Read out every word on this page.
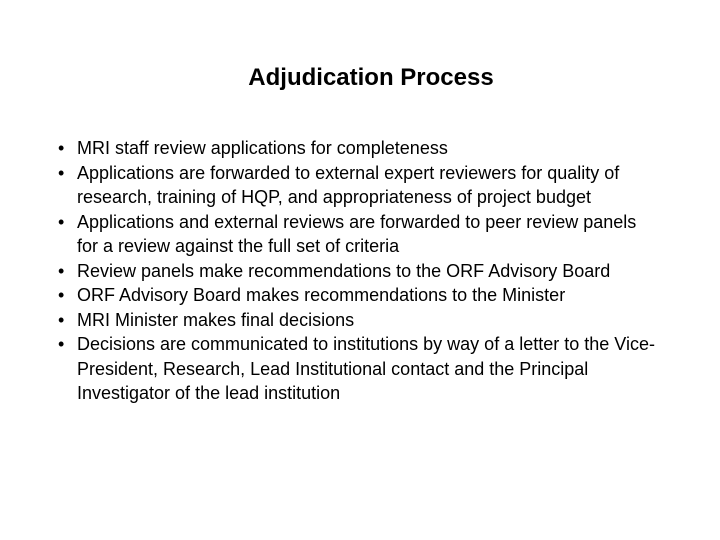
Adjudication Process
• MRI staff review applications for completeness
• Applications are forwarded to external expert reviewers for quality of research, training of HQP, and appropriateness of project budget
• Applications and external reviews are forwarded to peer review panels for a review against the full set of criteria
• Review panels make recommendations to the ORF Advisory Board
• ORF Advisory Board makes recommendations to the Minister
• MRI Minister makes final decisions
• Decisions are communicated to institutions by way of a letter to the Vice-President, Research, Lead Institutional contact and the Principal Investigator of the lead institution
